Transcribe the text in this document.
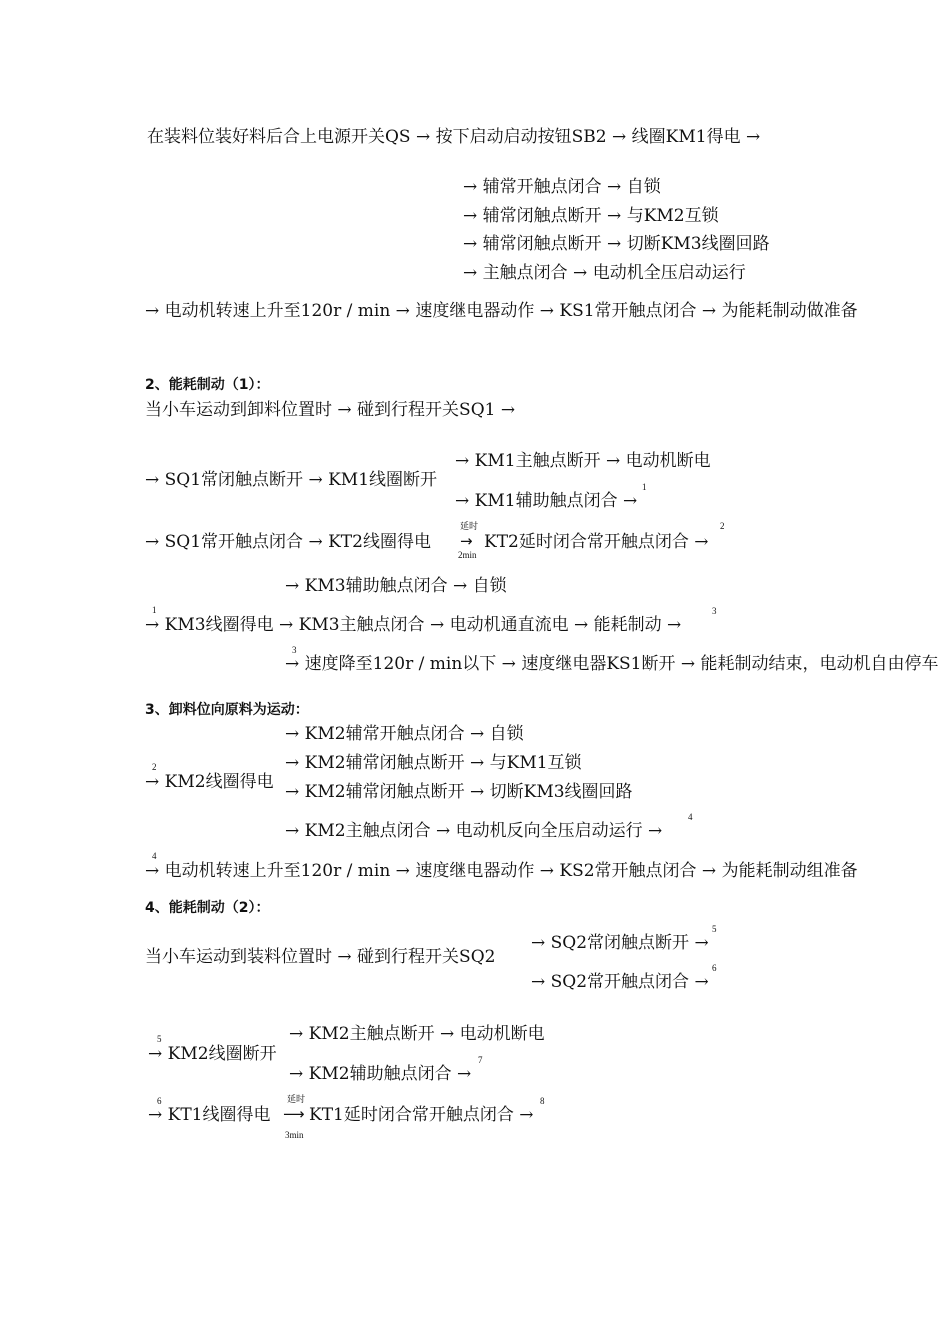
在装料位装好料后合上电源开关QS → 按下启动启动按钮SB2 → 线圈KM1得电 →
→ 辅常开触点闭合 → 自锁
→ 辅常闭触点断开 → 与KM2互锁
→ 辅常闭触点断开 → 切断KM3线圈回路
→ 主触点闭合 → 电动机全压启动运行
→ 电动机转速上升至120r / min → 速度继电器动作 → KS1常开触点闭合 → 为能耗制动做准备
2、能耗制动（1）：
当小车运动到卸料位置时 → 碰到行程开关SQ1 →
→ KM1主触点断开 → 电动机断电
→ SQ1常闭触点断开 → KM1线圈断开	1
→ KM1辅助触点闭合 →
延时	2
→ SQ1常开触点闭合 → KT2线圈得电 → KT2延时闭合常开触点闭合 →
2min
→ KM3辅助触点闭合 → 自锁
1	3
→ KM3线圈得电 → KM3主触点闭合 → 电动机通直流电 → 能耗制动 →
3
→ 速度降至120r / min以下 → 速度继电器KS1断开 → 能耗制动结束，电动机自由停车
3、卸料位向原料为运动：
→ KM2辅常开触点闭合 → 自锁
→ KM2辅常闭触点断开 → 与KM1互锁
2
→ KM2线圈得电 → KM2辅常闭触点断开 → 切断KM3线圈回路
4
→ KM2主触点闭合 → 电动机反向全压启动运行 →
4
→ 电动机转速上升至120r / min → 速度继电器动作 → KS2常开触点闭合 → 为能耗制动组准备
4、能耗制动（2）：
5
→ SQ2常闭触点断开 →
当小车运动到装料位置时 → 碰到行程开关SQ2
6
→ SQ2常开触点闭合 →
5	→ KM2主触点断开 → 电动机断电
→ KM2线圈断开	7
→ KM2辅助触点闭合 →
6	延时	8
→ KT1线圈得电 ⟶ KT1延时闭合常开触点闭合 →
3min
